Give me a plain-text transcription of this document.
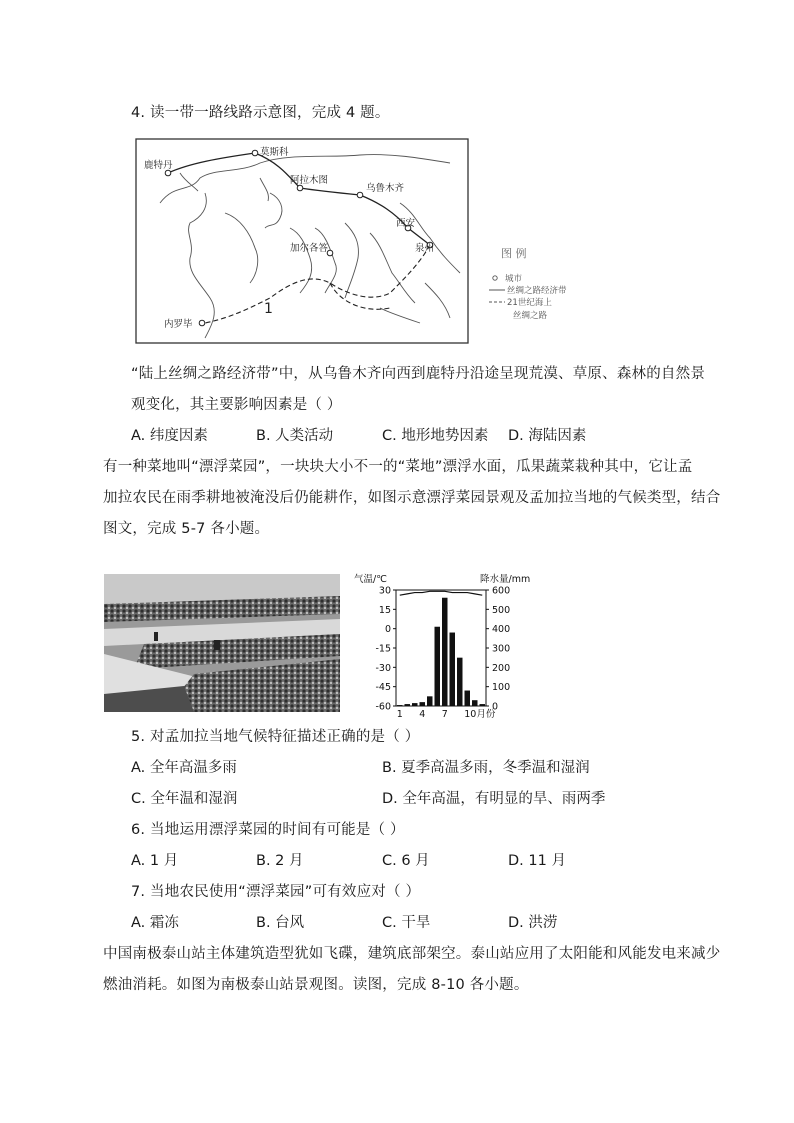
4. 读一带一路线路示意图，完成 4 题。
莫斯科
鹿特丹
阿拉木图
乌鲁木齐
西安
泉州
加尔各答
内罗毕
1
图 例
城市
丝绸之路经济带
21世纪海上
丝绸之路
“陆上丝绸之路经济带”中，从乌鲁木齐向西到鹿特丹沿途呈现荒漠、草原、森林的自然景
观变化，其主要影响因素是（ ）
A. 纬度因素	B. 人类活动	C. 地形地势因素 D. 海陆因素
有一种菜地叫“漂浮菜园”，一块块大小不一的“菜地”漂浮水面，瓜果蔬菜栽种其中，它让孟
加拉农民在雨季耕地被淹没后仍能耕作，如图示意漂浮菜园景观及孟加拉当地的气候类型，结合
图文，完成 5-7 各小题。
气温/℃	降水量/mm
30
15
0
-15
-30
-45
-60
600
500
400
300
200
100
0
1 4 7 10月份
5. 对孟加拉当地气候特征描述正确的是（ ）
A. 全年高温多雨	B. 夏季高温多雨，冬季温和湿润
C. 全年温和湿润	D. 全年高温，有明显的旱、雨两季
6. 当地运用漂浮菜园的时间有可能是（ ）
A. 1 月	B. 2 月	C. 6 月	D. 11 月
7. 当地农民使用“漂浮菜园”可有效应对（ ）
A. 霜冻	B. 台风	C. 干旱	D. 洪涝
中国南极泰山站主体建筑造型犹如飞碟，建筑底部架空。泰山站应用了太阳能和风能发电来减少
燃油消耗。如图为南极泰山站景观图。读图，完成 8-10 各小题。
